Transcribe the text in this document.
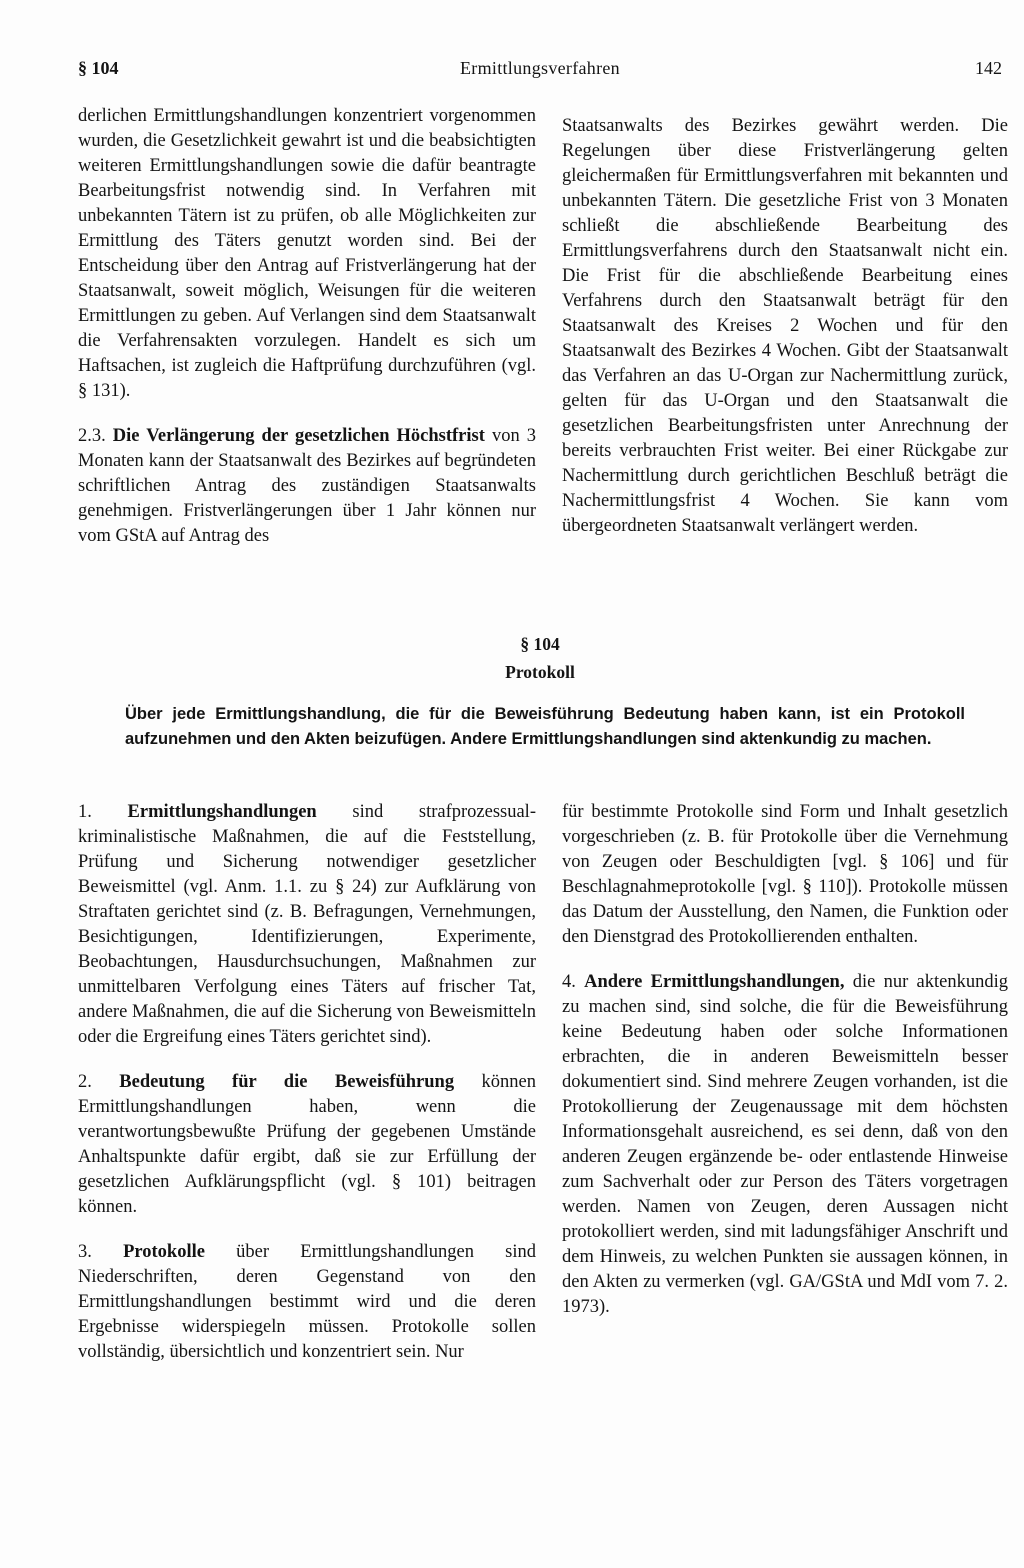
§ 104	Ermittlungsverfahren	142

derlichen Ermittlungshandlungen konzentriert vorgenommen wurden, die Gesetzlichkeit gewahrt ist und die beabsichtigten weiteren Ermittlungshandlungen sowie die dafür beantragte Bearbeitungsfrist notwendig sind. In Verfahren mit unbekannten Tätern ist zu prüfen, ob alle Möglichkeiten zur Ermittlung des Täters genutzt worden sind. Bei der Entscheidung über den Antrag auf Fristverlängerung hat der Staatsanwalt, soweit möglich, Weisungen für die weiteren Ermittlungen zu geben. Auf Verlangen sind dem Staatsanwalt die Verfahrensakten vorzulegen. Handelt es sich um Haftsachen, ist zugleich die Haftprüfung durchzuführen (vgl. § 131).

2.3. Die Verlängerung der gesetzlichen Höchstfrist von 3 Monaten kann der Staatsanwalt des Bezirkes auf begründeten schriftlichen Antrag des zuständigen Staatsanwalts genehmigen. Fristverlängerungen über 1 Jahr können nur vom GStA auf Antrag des

Staatsanwalts des Bezirkes gewährt werden. Die Regelungen über diese Fristverlängerung gelten gleichermaßen für Ermittlungsverfahren mit bekannten und unbekannten Tätern. Die gesetzliche Frist von 3 Monaten schließt die abschließende Bearbeitung des Ermittlungsverfahrens durch den Staatsanwalt nicht ein. Die Frist für die abschließende Bearbeitung eines Verfahrens durch den Staatsanwalt beträgt für den Staatsanwalt des Kreises 2 Wochen und für den Staatsanwalt des Bezirkes 4 Wochen. Gibt der Staatsanwalt das Verfahren an das U-Organ zur Nachermittlung zurück, gelten für das U-Organ und den Staatsanwalt die gesetzlichen Bearbeitungsfristen unter Anrechnung der bereits verbrauchten Frist weiter. Bei einer Rückgabe zur Nachermittlung durch gerichtlichen Beschluß beträgt die Nachermittlungsfrist 4 Wochen. Sie kann vom übergeordneten Staatsanwalt verlängert werden.

§ 104
Protokoll
Über jede Ermittlungshandlung, die für die Beweisführung Bedeutung haben kann, ist ein Protokoll aufzunehmen und den Akten beizufügen. Andere Ermittlungshandlungen sind aktenkundig zu machen.

1. Ermittlungshandlungen sind strafprozessual-kriminalistische Maßnahmen, die auf die Feststellung, Prüfung und Sicherung notwendiger gesetzlicher Beweismittel (vgl. Anm. 1.1. zu § 24) zur Aufklärung von Straftaten gerichtet sind (z. B. Befragungen, Vernehmungen, Besichtigungen, Identifizierungen, Experimente, Beobachtungen, Hausdurchsuchungen, Maßnahmen zur unmittelbaren Verfolgung eines Täters auf frischer Tat, andere Maßnahmen, die auf die Sicherung von Beweismitteln oder die Ergreifung eines Täters gerichtet sind).

2. Bedeutung für die Beweisführung können Ermittlungshandlungen haben, wenn die verantwortungsbewußte Prüfung der gegebenen Umstände Anhaltspunkte dafür ergibt, daß sie zur Erfüllung der gesetzlichen Aufklärungspflicht (vgl. § 101) beitragen können.

3. Protokolle über Ermittlungshandlungen sind Niederschriften, deren Gegenstand von den Ermittlungshandlungen bestimmt wird und die deren Ergebnisse widerspiegeln müssen. Protokolle sollen vollständig, übersichtlich und konzentriert sein. Nur

für bestimmte Protokolle sind Form und Inhalt gesetzlich vorgeschrieben (z. B. für Protokolle über die Vernehmung von Zeugen oder Beschuldigten [vgl. § 106] und für Beschlagnahmeprotokolle [vgl. § 110]). Protokolle müssen das Datum der Ausstellung, den Namen, die Funktion oder den Dienstgrad des Protokollierenden enthalten.

4. Andere Ermittlungshandlungen, die nur aktenkundig zu machen sind, sind solche, die für die Beweisführung keine Bedeutung haben oder solche Informationen erbrachten, die in anderen Beweismitteln besser dokumentiert sind. Sind mehrere Zeugen vorhanden, ist die Protokollierung der Zeugenaussage mit dem höchsten Informationsgehalt ausreichend, es sei denn, daß von den anderen Zeugen ergänzende be- oder entlastende Hinweise zum Sachverhalt oder zur Person des Täters vorgetragen werden. Namen von Zeugen, deren Aussagen nicht protokolliert werden, sind mit ladungsfähiger Anschrift und dem Hinweis, zu welchen Punkten sie aussagen können, in den Akten zu vermerken (vgl. GA/GStA und MdI vom 7. 2. 1973).
